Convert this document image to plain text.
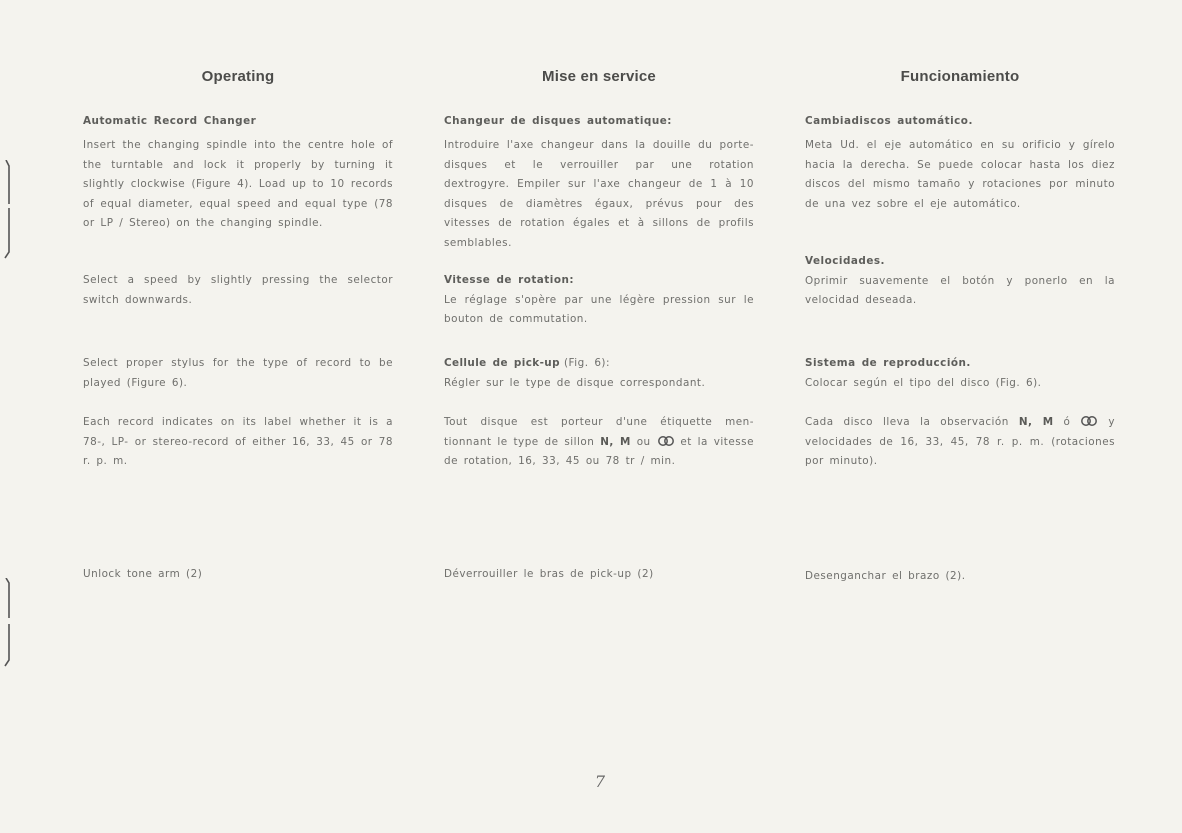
Operating

Automatic Record Changer

Insert the changing spindle into the centre hole of the turntable and lock it properly by turning it slightly clockwise (Figure 4). Load up to 10 records of equal diameter, equal speed and equal type (78 or LP / Stereo) on the changing spindle.

Select a speed by slightly pressing the selector switch downwards.

Select proper stylus for the type of record to be played (Figure 6).

Each record indicates on its label whether it is a 78-, LP- or stereo-record of either 16, 33, 45 or 78 r. p. m.

Unlock tone arm (2)

Mise en service

Changeur de disques automatique:

Introduire l'axe changeur dans la douille du porte-disques et le verrouiller par une rotation dextrogyre. Empiler sur l'axe changeur de 1 à 10 disques de diamètres égaux, prévus pour des vitesses de rotation égales et à sillons de profils semblables.

Vitesse de rotation:

Le réglage s'opère par une légère pression sur le bouton de commutation.

Cellule de pick-up (Fig. 6):

Régler sur le type de disque correspondant.

Tout disque est porteur d'une étiquette men-tionnant le type de sillon N, M ou	et la vitesse de rotation, 16, 33, 45 ou 78 tr / min.

Déverrouiller le bras de pick-up (2)

Funcionamiento

Cambiadiscos automático.

Meta Ud. el eje automático en su orificio y gírelo hacia la derecha. Se puede colocar hasta los diez discos del mismo tamaño y rotaciones por minuto de una vez sobre el eje automático.

Velocidades.

Oprimir suavemente el botón y ponerlo en la velocidad deseada.

Sistema de reproducción.

Colocar según el tipo del disco (Fig. 6).

Cada disco lleva la observación N, M ó	y velocidades de 16, 33, 45, 78 r. p. m. (rotaciones por minuto).

Desenganchar el brazo (2).

7
